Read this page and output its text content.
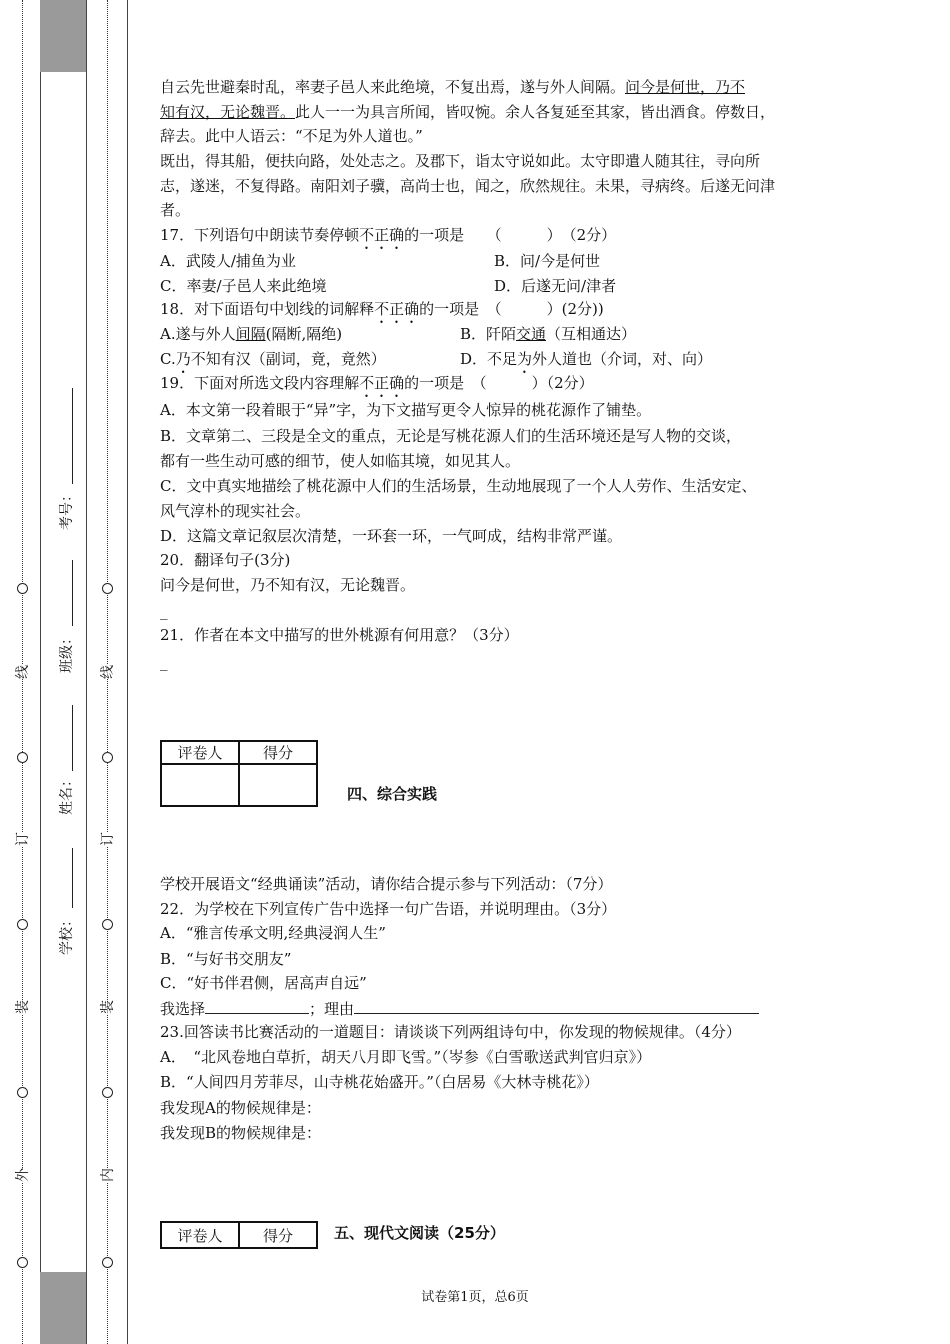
外
装
订
线
内
装
订
线
学校：
姓名：
班级：
考号：
自云先世避秦时乱，率妻子邑人来此绝境，不复出焉，遂与外人间隔。问今是何世，乃不
知有汉，无论魏晋。此人一一为具言所闻，皆叹惋。余人各复延至其家，皆出酒食。停数日，
辞去。此中人语云：“不足为外人道也。”
既出，得其船，便扶向路，处处志之。及郡下，诣太守说如此。太守即遣人随其往，寻向所
志，遂迷，不复得路。南阳刘子骥，高尚士也，闻之，欣然规往。未果，寻病终。后遂无问津
者。
17．下列语句中朗读节奏停顿不正确的一项是　　（　　　）　（2分）
A．武陵人/捕鱼为业	B．问/今是何世
C．率妻/子邑人来此绝境	D．后遂无问/津者
18．对下面语句中划线的词解释不正确的一项是　（　　　）(2分))
A.遂与外人间隔(隔断,隔绝)	B．阡陌交通（互相通达）
C.乃不知有汉（副词，竟，竟然）	D．不足为外人道也（介词，对、向）
19．下面对所选文段内容理解不正确的一项是　（　　　）（2分）
A．本文第一段着眼于“异”字，为下文描写更令人惊异的桃花源作了铺垫。
B．文章第二、三段是全文的重点，无论是写桃花源人们的生活环境还是写人物的交谈，
都有一些生动可感的细节，使人如临其境，如见其人。
C．文中真实地描绘了桃花源中人们的生活场景，生动地展现了一个人人劳作、生活安定、
风气淳朴的现实社会。
D．这篇文章记叙层次清楚，一环套一环，一气呵成，结构非常严谨。
20．翻译句子(3分)
问今是何世，乃不知有汉，无论魏晋。
_
21．作者在本文中描写的世外桃源有何用意？（3分）
_
评卷人	得分

四、综合实践
学校开展语文“经典诵读”活动，请你结合提示参与下列活动：（7分）
22．为学校在下列宣传广告中选择一句广告语，并说明理由。（3分）
A．“雅言传承文明,经典浸润人生”
B．“与好书交朋友”
C．“好书伴君侧，居高声自远”
我选择	；理由
23.回答读书比赛活动的一道题目：请谈谈下列两组诗句中，你发现的物候规律。（4分）
A．　“北风卷地白草折，胡天八月即飞雪。”（岑参《白雪歌送武判官归京》）
B．“人间四月芳菲尽，山寺桃花始盛开。”（白居易《大林寺桃花》）
我发现A的物候规律是：
我发现B的物候规律是：
评卷人	得分	五、现代文阅读（25分）
试卷第1页，总6页
